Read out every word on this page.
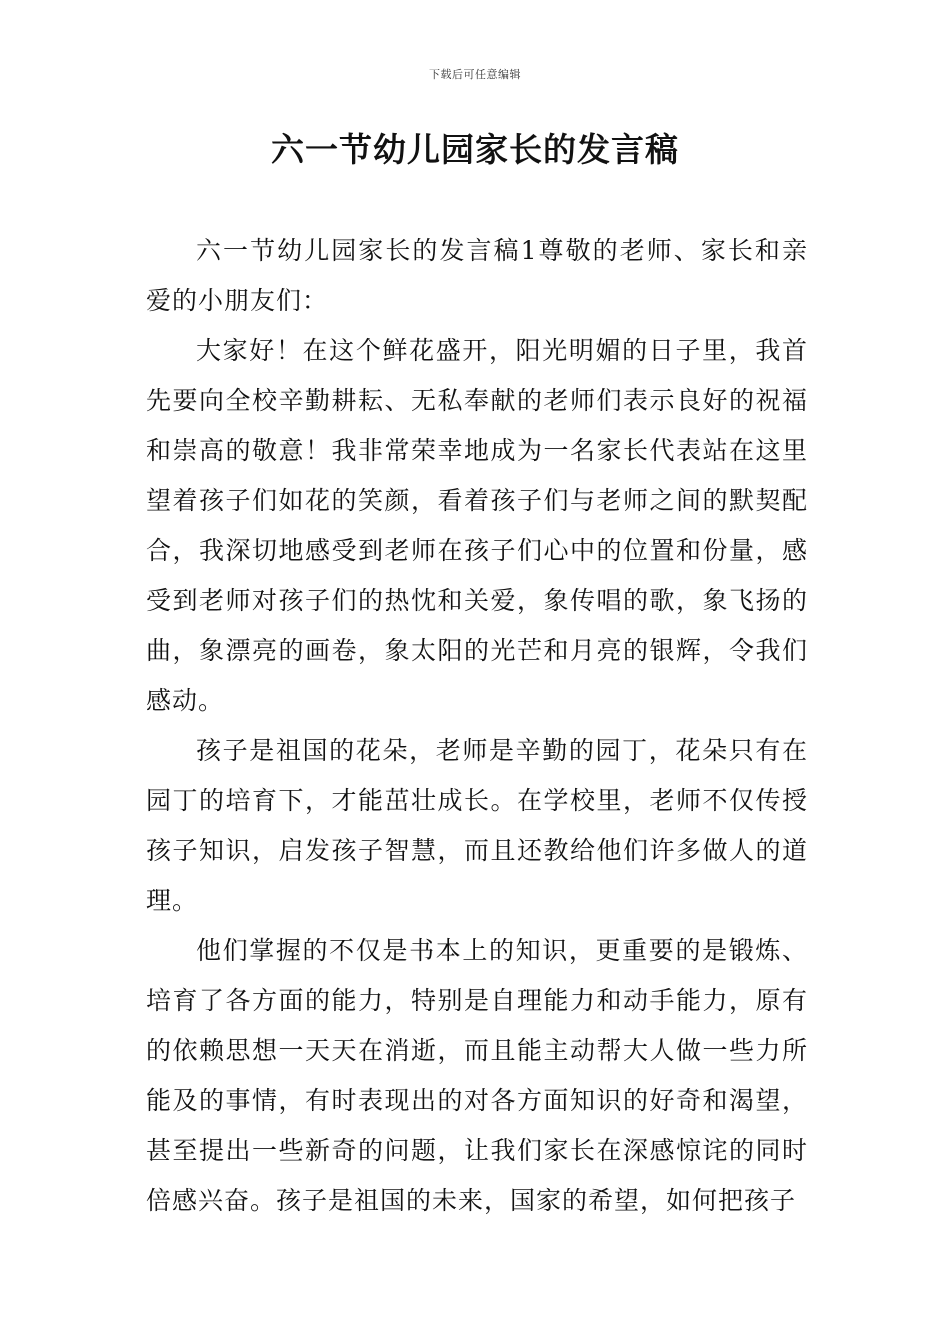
下载后可任意编辑
六一节幼儿园家长的发言稿

六一节幼儿园家长的发言稿1尊敬的老师、家长和亲爱的小朋友们：

大家好！在这个鲜花盛开，阳光明媚的日子里，我首先要向全校辛勤耕耘、无私奉献的老师们表示良好的祝福和崇高的敬意！我非常荣幸地成为一名家长代表站在这里望着孩子们如花的笑颜，看着孩子们与老师之间的默契配合，我深切地感受到老师在孩子们心中的位置和份量，感受到老师对孩子们的热忱和关爱，象传唱的歌，象飞扬的曲，象漂亮的画卷，象太阳的光芒和月亮的银辉，令我们感动。

孩子是祖国的花朵，老师是辛勤的园丁，花朵只有在园丁的培育下，才能茁壮成长。在学校里，老师不仅传授孩子知识，启发孩子智慧，而且还教给他们许多做人的道理。

他们掌握的不仅是书本上的知识，更重要的是锻炼、培育了各方面的能力，特别是自理能力和动手能力，原有的依赖思想一天天在消逝，而且能主动帮大人做一些力所能及的事情，有时表现出的对各方面知识的好奇和渴望，甚至提出一些新奇的问题，让我们家长在深感惊诧的同时倍感兴奋。孩子是祖国的未来，国家的希望，如何把孩子
